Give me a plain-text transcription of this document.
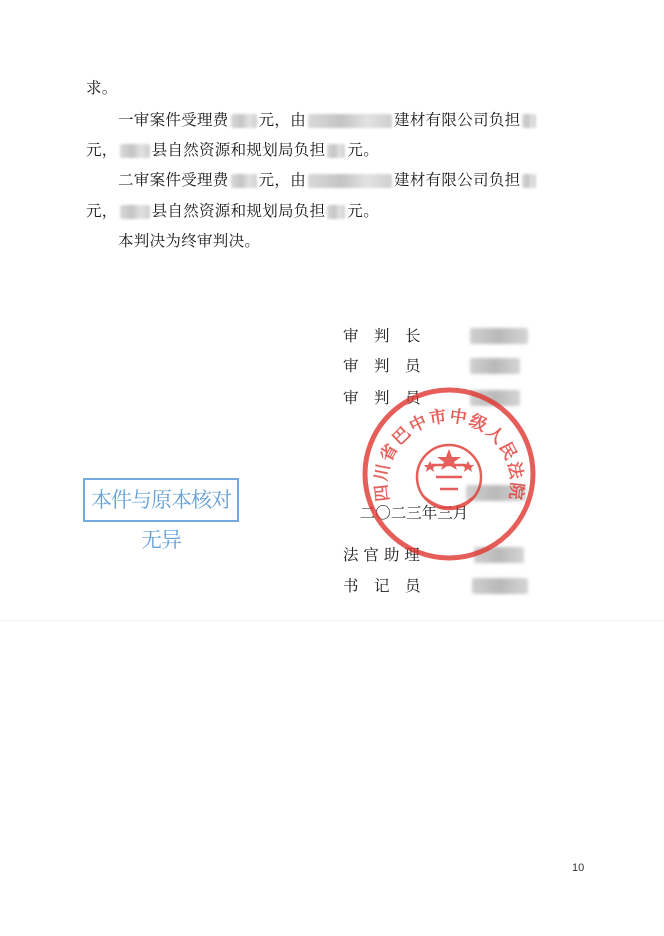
求。
一审案件受理费 元，由	建材有限公司负担
元， 县自然资源和规划局负担 元。
二审案件受理费 元，由	建材有限公司负担
元， 县自然资源和规划局负担 元。
本判决为终审判决。
审　判　长
审　判　员
审　判　员

二〇二三年三月

法 官 助 理
书　记　员
四川省巴中市中级人民法院
本件与原本核对无异
10
